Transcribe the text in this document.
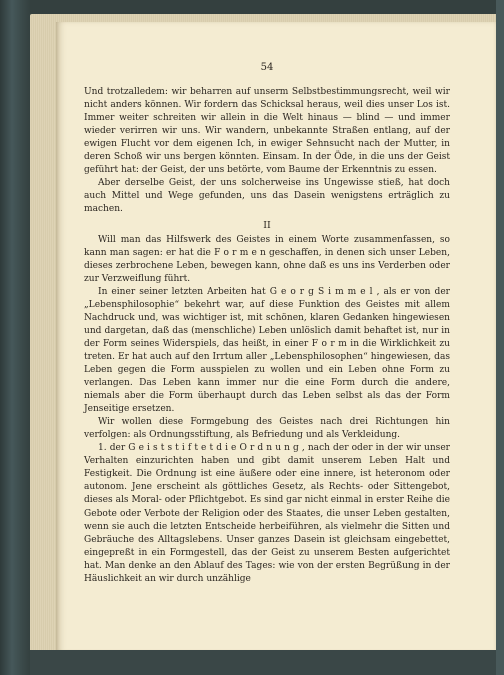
54

Und trotzalledem: wir beharren auf unserm Selbstbestimmungsrecht, weil wir nicht anders können. Wir fordern das Schicksal heraus, weil dies unser Los ist. Immer weiter schreiten wir allein in die Welt hinaus — blind — und immer wieder verirren wir uns. Wir wandern, unbekannte Straßen entlang, auf der ewigen Flucht vor dem eigenen Ich, in ewiger Sehnsucht nach der Mutter, in deren Schoß wir uns bergen könnten. Einsam. In der Öde, in die uns der Geist geführt hat: der Geist, der uns betörte, vom Baume der Erkenntnis zu essen.

Aber derselbe Geist, der uns solcherweise ins Ungewisse stieß, hat doch auch Mittel und Wege gefunden, uns das Dasein wenigstens erträglich zu machen.

II

Will man das Hilfswerk des Geistes in einem Worte zusammenfassen, so kann man sagen: er hat die F o r m e n geschaffen, in denen sich unser Leben, dieses zerbrochene Leben, bewegen kann, ohne daß es uns ins Verderben oder zur Verzweiflung führt.

In einer seiner letzten Arbeiten hat G e o r g S i m m e l , als er von der „Lebensphilosophie“ bekehrt war, auf diese Funktion des Geistes mit allem Nachdruck und, was wichtiger ist, mit schönen, klaren Gedanken hingewiesen und dargetan, daß das (menschliche) Leben unlöslich damit behaftet ist, nur in der Form seines Widerspiels, das heißt, in einer F o r m in die Wirklichkeit zu treten. Er hat auch auf den Irrtum aller „Lebensphilosophen“ hingewiesen, das Leben gegen die Form ausspielen zu wollen und ein Leben ohne Form zu verlangen. Das Leben kann immer nur die eine Form durch die andere, niemals aber die Form überhaupt durch das Leben selbst als das der Form Jenseitige ersetzen.

Wir wollen diese Formgebung des Geistes nach drei Richtungen hin verfolgen: als Ordnungsstiftung, als Befriedung und als Verkleidung.

1. der G e i s t s t i f t e t d i e O r d n u n g , nach der oder in der wir unser Verhalten einzurichten haben und gibt damit unserem Leben Halt und Festigkeit. Die Ordnung ist eine äußere oder eine innere, ist heteronom oder autonom. Jene erscheint als göttliches Gesetz, als Rechts- oder Sittengebot, dieses als Moral- oder Pflichtgebot. Es sind gar nicht einmal in erster Reihe die Gebote oder Verbote der Religion oder des Staates, die unser Leben gestalten, wenn sie auch die letzten Entscheide herbeiführen, als vielmehr die Sitten und Gebräuche des Alltagslebens. Unser ganzes Dasein ist gleichsam eingebettet, eingepreßt in ein Formgestell, das der Geist zu unserem Besten aufgerichtet hat. Man denke an den Ablauf des Tages: wie von der ersten Begrüßung in der Häuslichkeit an wir durch unzählige
